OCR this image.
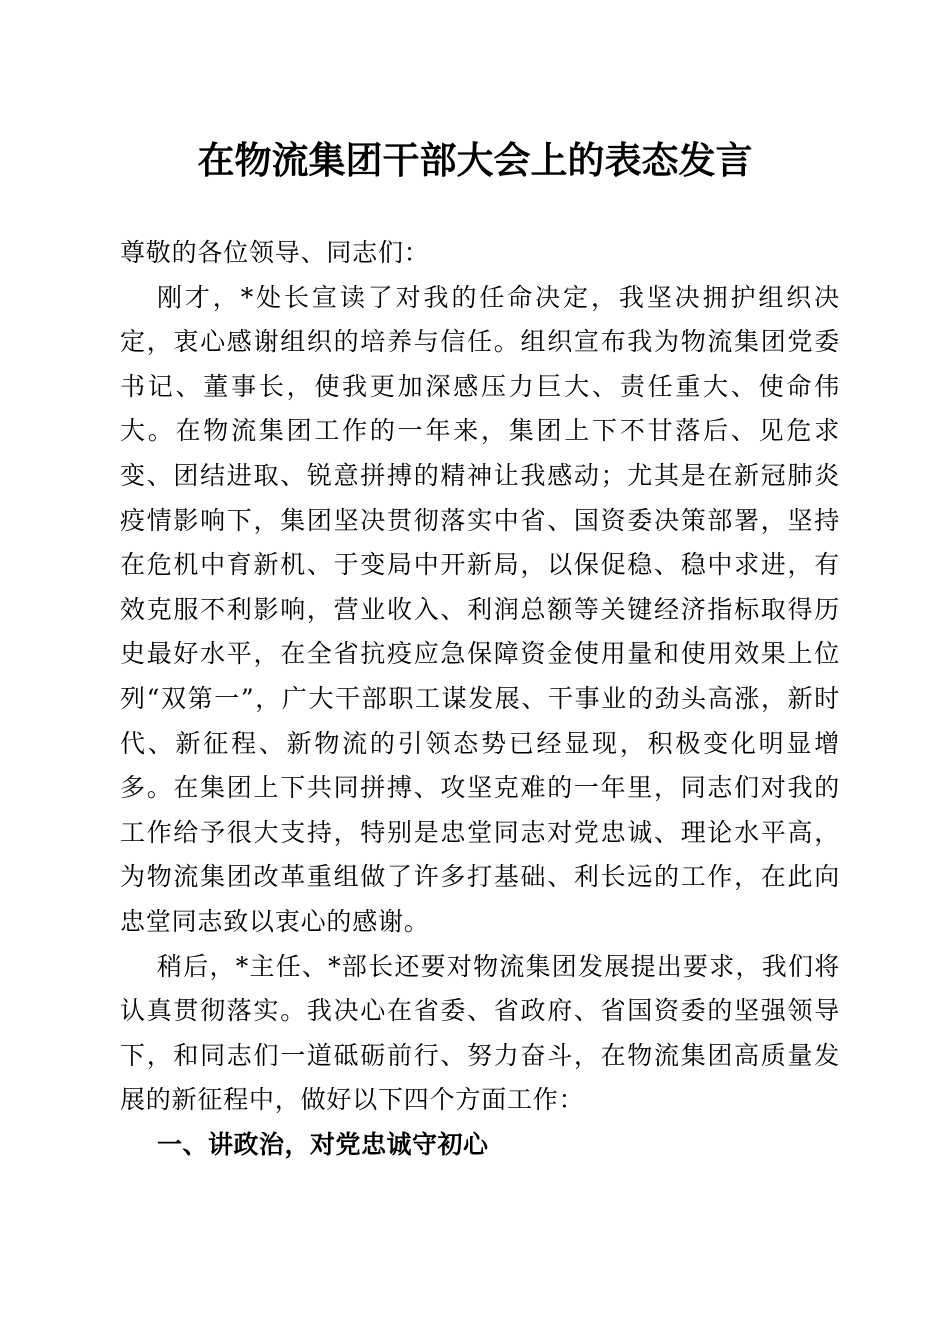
在物流集团干部大会上的表态发言

尊敬的各位领导、同志们：

刚才，*处长宣读了对我的任命决定，我坚决拥护组织决定，衷心感谢组织的培养与信任。组织宣布我为物流集团党委书记、董事长，使我更加深感压力巨大、责任重大、使命伟大。在物流集团工作的一年来，集团上下不甘落后、见危求变、团结进取、锐意拼搏的精神让我感动；尤其是在新冠肺炎疫情影响下，集团坚决贯彻落实中省、国资委决策部署，坚持在危机中育新机、于变局中开新局，以保促稳、稳中求进，有效克服不利影响，营业收入、利润总额等关键经济指标取得历史最好水平，在全省抗疫应急保障资金使用量和使用效果上位列“双第一”，广大干部职工谋发展、干事业的劲头高涨，新时代、新征程、新物流的引领态势已经显现，积极变化明显增多。在集团上下共同拼搏、攻坚克难的一年里，同志们对我的工作给予很大支持，特别是忠堂同志对党忠诚、理论水平高，为物流集团改革重组做了许多打基础、利长远的工作，在此向忠堂同志致以衷心的感谢。

稍后，*主任、*部长还要对物流集团发展提出要求，我们将认真贯彻落实。我决心在省委、省政府、省国资委的坚强领导下，和同志们一道砥砺前行、努力奋斗，在物流集团高质量发展的新征程中，做好以下四个方面工作：

一、讲政治，对党忠诚守初心
